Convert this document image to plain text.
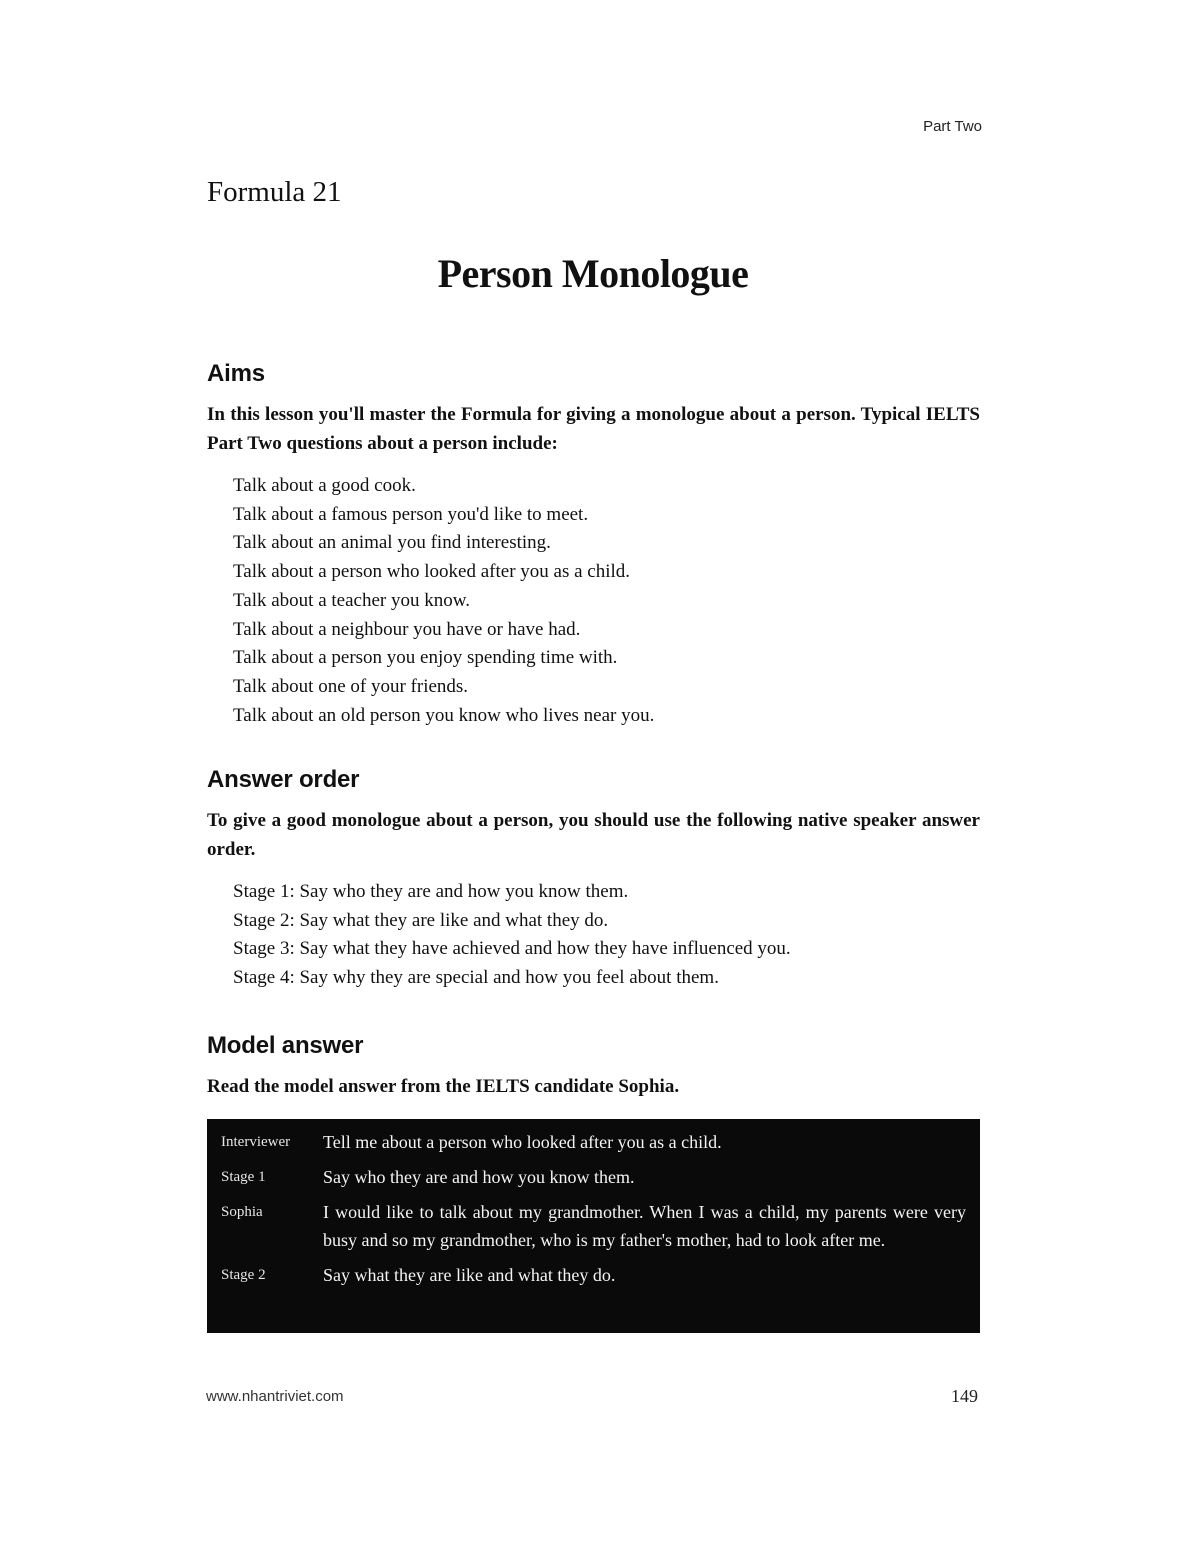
Part Two
Formula 21
Person Monologue
Aims

In this lesson you'll master the Formula for giving a monologue about a person. Typical IELTS Part Two questions about a person include:

Talk about a good cook.
Talk about a famous person you'd like to meet.
Talk about an animal you find interesting.
Talk about a person who looked after you as a child.
Talk about a teacher you know.
Talk about a neighbour you have or have had.
Talk about a person you enjoy spending time with.
Talk about one of your friends.
Talk about an old person you know who lives near you.
Answer order

To give a good monologue about a person, you should use the following native speaker answer order.

Stage 1: Say who they are and how you know them.
Stage 2: Say what they are like and what they do.
Stage 3: Say what they have achieved and how they have influenced you.
Stage 4: Say why they are special and how you feel about them.
Model answer

Read the model answer from the IELTS candidate Sophia.

Interviewer	Tell me about a person who looked after you as a child.
Stage 1	Say who they are and how you know them.
Sophia	I would like to talk about my grandmother. When I was a child, my parents were very busy and so my grandmother, who is my father's mother, had to look after me.
Stage 2	Say what they are like and what they do.
www.nhantriviet.com	149
